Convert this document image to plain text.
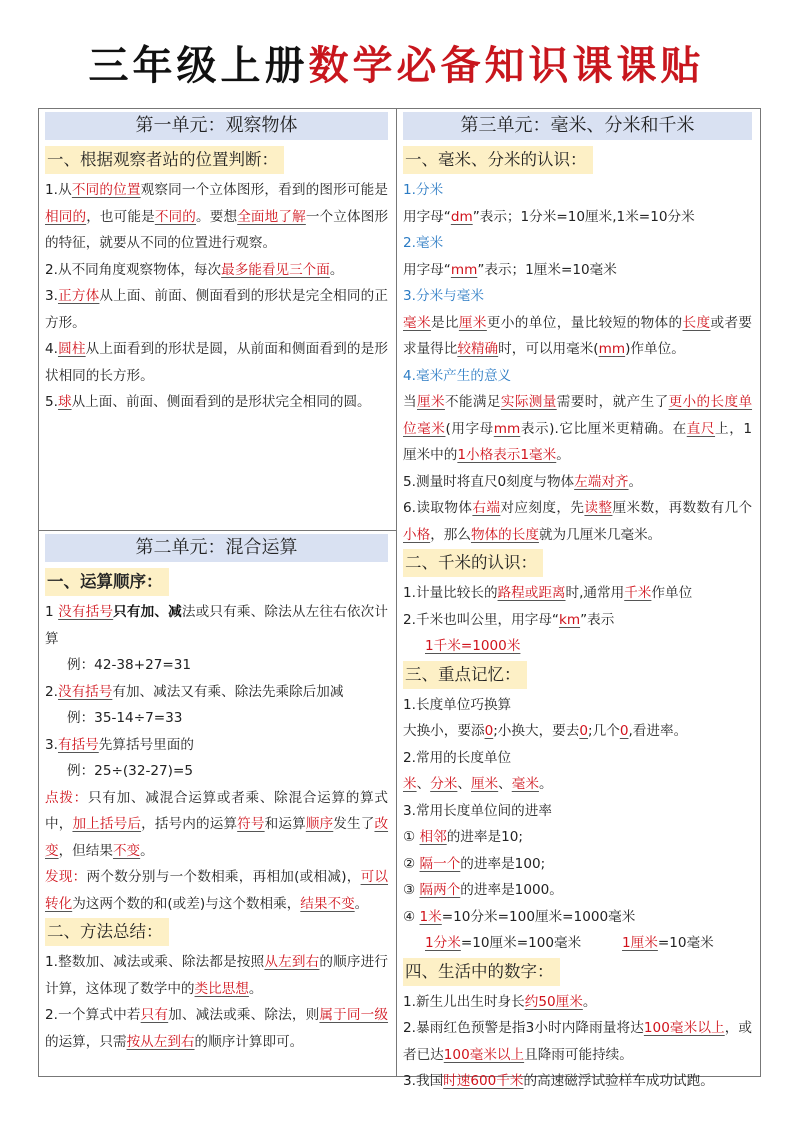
三年级上册数学必备知识课课贴
第一单元：观察物体
一、根据观察者站的位置判断：

1.从不同的位置观察同一个立体图形，看到的图形可能是相同的，也可能是不同的。要想全面地了解一个立体图形的特征，就要从不同的位置进行观察。

2.从不同角度观察物体，每次最多能看见三个面。

3.正方体从上面、前面、侧面看到的形状是完全相同的正方形。

4.圆柱从上面看到的形状是圆，从前面和侧面看到的是形状相同的长方形。

5.球从上面、前面、侧面看到的是形状完全相同的圆。

第二单元：混合运算
一、运算顺序：

1 没有括号只有加、减法或只有乘、除法从左往右依次计算

例：42-38+27=31

2.没有括号有加、减法又有乘、除法先乘除后加减

例：35-14÷7=33

3.有括号先算括号里面的

例：25÷(32-27)=5

点拨：只有加、减混合运算或者乘、除混合运算的算式中，加上括号后，括号内的运算符号和运算顺序发生了改变，但结果不变。

发现：两个数分别与一个数相乘，再相加(或相减)，可以转化为这两个数的和(或差)与这个数相乘，结果不变。

二、方法总结：

1.整数加、减法或乘、除法都是按照从左到右的顺序进行计算，这体现了数学中的类比思想。

2.一个算式中若只有加、减法或乘、除法，则属于同一级的运算，只需按从左到右的顺序计算即可。

第三单元：毫米、分米和千米
一、毫米、分米的认识：

1.分米

用字母“dm”表示；1分米=10厘米,1米=10分米

2.毫米

用字母“mm”表示；1厘米=10毫米

3.分米与毫米

毫米是比厘米更小的单位，量比较短的物体的长度或者要求量得比较精确时，可以用毫米(mm)作单位。

4.毫米产生的意义

当厘米不能满足实际测量需要时，就产生了更小的长度单位毫米(用字母mm表示).它比厘米更精确。在直尺上，1厘米中的1小格表示1毫米。

5.测量时将直尺0刻度与物体左端对齐。

6.读取物体右端对应刻度，先读整厘米数，再数数有几个小格，那么物体的长度就为几厘米几毫米。

二、千米的认识：

1.计量比较长的路程或距离时,通常用千米作单位

2.千米也叫公里，用字母“km”表示

1千米=1000米

三、重点记忆：

1.长度单位巧换算

大换小，要添0;小换大，要去0;几个0,看进率。

2.常用的长度单位

米、分米、厘米、毫米。

3.常用长度单位间的进率

① 相邻的进率是10;

② 隔一个的进率是100;

③ 隔两个的进率是1000。

④ 1米=10分米=100厘米=1000毫米

1分米=10厘米=100毫米　　　1厘米=10毫米

四、生活中的数字：

1.新生儿出生时身长约50厘米。

2.暴雨红色预警是指3小时内降雨量将达100毫米以上，或者已达100毫米以上且降雨可能持续。

3.我国时速600千米的高速磁浮试验样车成功试跑。
